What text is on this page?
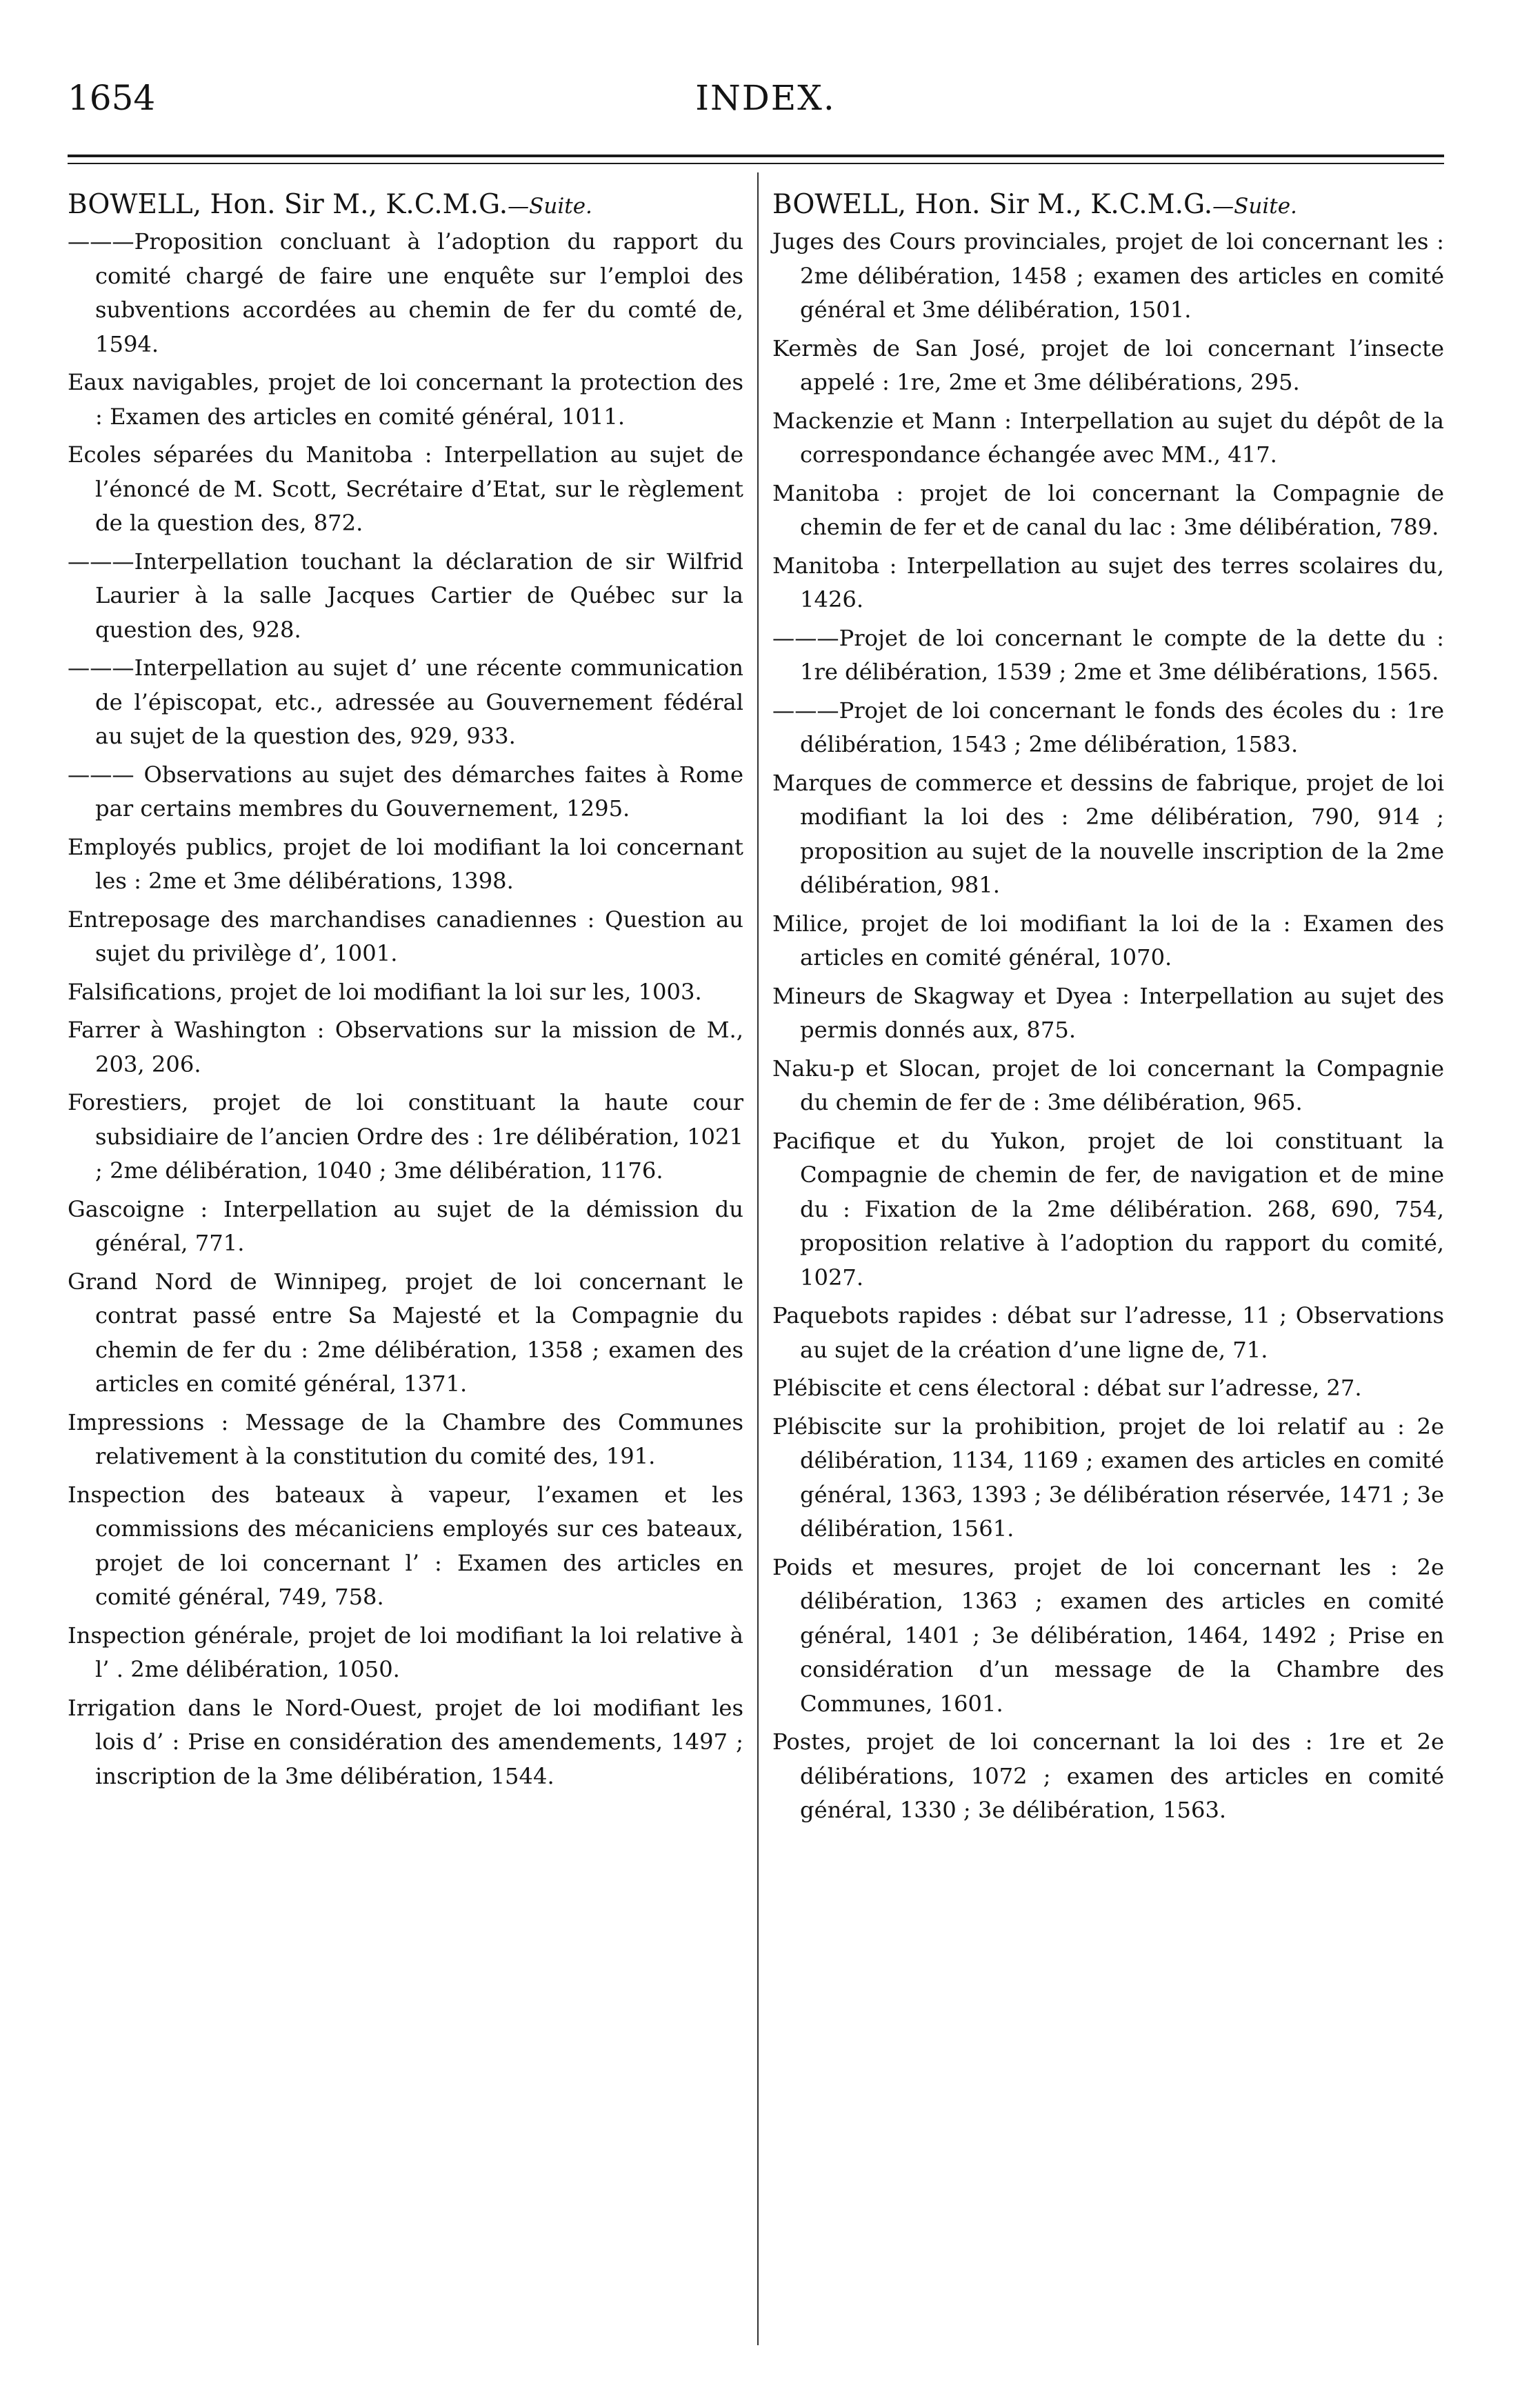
1654	INDEX.
BOWELL, Hon. Sir M., K.C.M.G.—Suite.

———Proposition concluant à l’adoption du rapport du comité chargé de faire une enquête sur l’emploi des subventions accordées au chemin de fer du comté de, 1594.

Eaux navigables, projet de loi concernant la protection des : Examen des articles en comité général, 1011.

Ecoles séparées du Manitoba : Interpellation au sujet de l’énoncé de M. Scott, Secrétaire d’Etat, sur le règlement de la question des, 872.

———Interpellation touchant la déclaration de sir Wilfrid Laurier à la salle Jacques Cartier de Québec sur la question des, 928.

———Interpellation au sujet d’ une récente communication de l’épiscopat, etc., adressée au Gouvernement fédéral au sujet de la question des, 929, 933.

——— Observations au sujet des démarches faites à Rome par certains membres du Gouvernement, 1295.

Employés publics, projet de loi modifiant la loi concernant les : 2me et 3me délibérations, 1398.

Entreposage des marchandises canadiennes : Question au sujet du privilège d’, 1001.

Falsifications, projet de loi modifiant la loi sur les, 1003.

Farrer à Washington : Observations sur la mission de M., 203, 206.

Forestiers, projet de loi constituant la haute cour subsidiaire de l’ancien Ordre des : 1re délibération, 1021 ; 2me délibération, 1040 ; 3me délibération, 1176.

Gascoigne : Interpellation au sujet de la démission du général, 771.

Grand Nord de Winnipeg, projet de loi concernant le contrat passé entre Sa Majesté et la Compagnie du chemin de fer du : 2me délibération, 1358 ; examen des articles en comité général, 1371.

Impressions : Message de la Chambre des Communes relativement à la constitution du comité des, 191.

Inspection des bateaux à vapeur, l’examen et les commissions des mécaniciens employés sur ces bateaux, projet de loi concernant l’ : Examen des articles en comité général, 749, 758.

Inspection générale, projet de loi modifiant la loi relative à l’ . 2me délibération, 1050.

Irrigation dans le Nord-Ouest, projet de loi modifiant les lois d’ : Prise en considération des amendements, 1497 ; inscription de la 3me délibération, 1544.

BOWELL, Hon. Sir M., K.C.M.G.—Suite.

Juges des Cours provinciales, projet de loi concernant les : 2me délibération, 1458 ; examen des articles en comité général et 3me délibération, 1501.

Kermès de San José, projet de loi concernant l’insecte appelé : 1re, 2me et 3me délibérations, 295.

Mackenzie et Mann : Interpellation au sujet du dépôt de la correspondance échangée avec MM., 417.

Manitoba : projet de loi concernant la Compagnie de chemin de fer et de canal du lac : 3me délibération, 789.

Manitoba : Interpellation au sujet des terres scolaires du, 1426.

———Projet de loi concernant le compte de la dette du : 1re délibération, 1539 ; 2me et 3me délibérations, 1565.

———Projet de loi concernant le fonds des écoles du : 1re délibération, 1543 ; 2me délibération, 1583.

Marques de commerce et dessins de fabrique, projet de loi modifiant la loi des : 2me délibération, 790, 914 ; proposition au sujet de la nouvelle inscription de la 2me délibération, 981.

Milice, projet de loi modifiant la loi de la : Examen des articles en comité général, 1070.

Mineurs de Skagway et Dyea : Interpellation au sujet des permis donnés aux, 875.

Naku-p et Slocan, projet de loi concernant la Compagnie du chemin de fer de : 3me délibération, 965.

Pacifique et du Yukon, projet de loi constituant la Compagnie de chemin de fer, de navigation et de mine du : Fixation de la 2me délibération. 268, 690, 754, proposition relative à l’adoption du rapport du comité, 1027.

Paquebots rapides : débat sur l’adresse, 11 ; Observations au sujet de la création d’une ligne de, 71.

Plébiscite et cens électoral : débat sur l’adresse, 27.

Plébiscite sur la prohibition, projet de loi relatif au : 2e délibération, 1134, 1169 ; examen des articles en comité général, 1363, 1393 ; 3e délibération réservée, 1471 ; 3e délibération, 1561.

Poids et mesures, projet de loi concernant les : 2e délibération, 1363 ; examen des articles en comité général, 1401 ; 3e délibération, 1464, 1492 ; Prise en considération d’un message de la Chambre des Communes, 1601.

Postes, projet de loi concernant la loi des : 1re et 2e délibérations, 1072 ; examen des articles en comité général, 1330 ; 3e délibération, 1563.
